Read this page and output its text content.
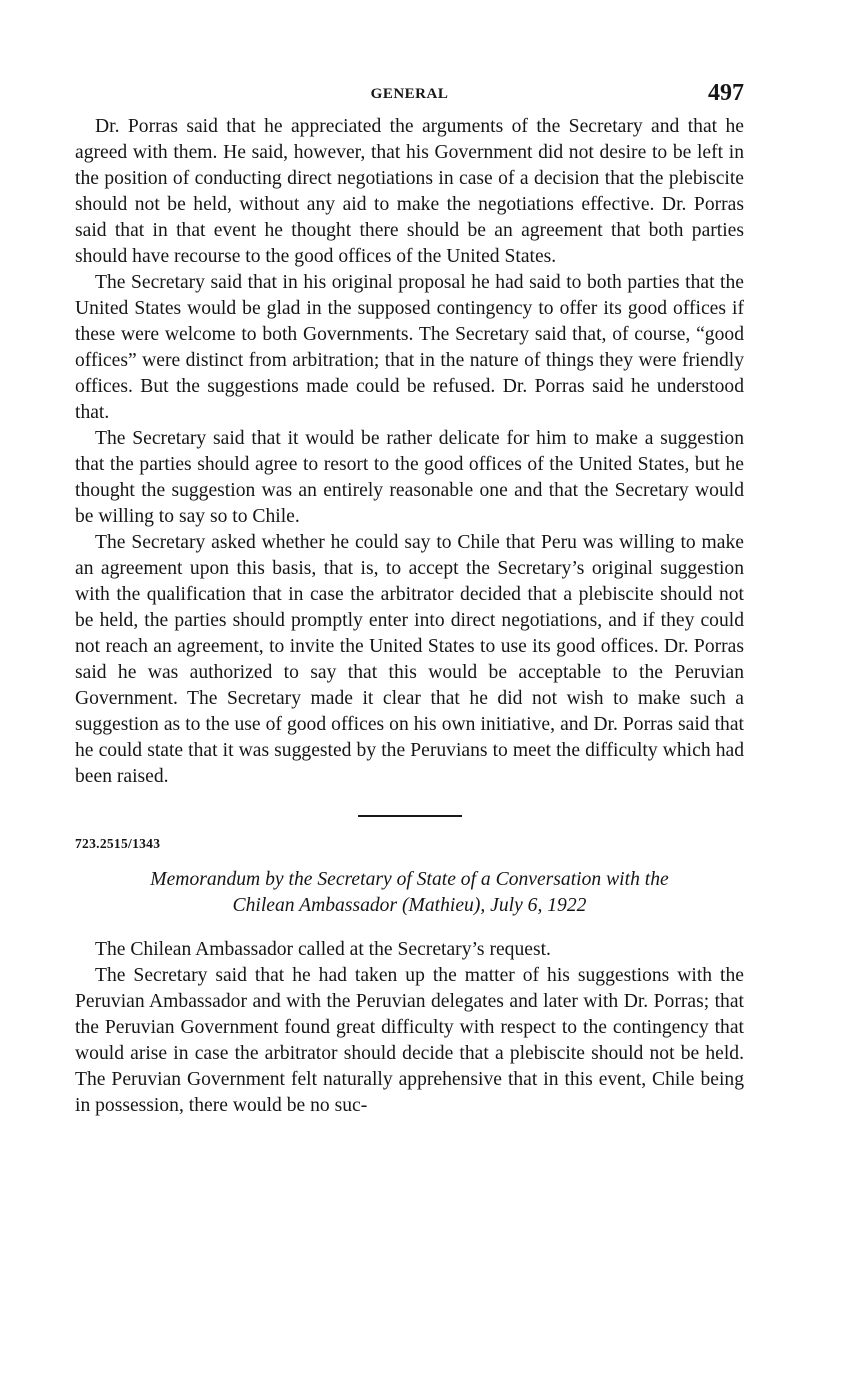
GENERAL	497

Dr. Porras said that he appreciated the arguments of the Secretary and that he agreed with them. He said, however, that his Government did not desire to be left in the position of conducting direct negotiations in case of a decision that the plebiscite should not be held, without any aid to make the negotiations effective. Dr. Porras said that in that event he thought there should be an agreement that both parties should have recourse to the good offices of the United States.

The Secretary said that in his original proposal he had said to both parties that the United States would be glad in the supposed contingency to offer its good offices if these were welcome to both Governments. The Secretary said that, of course, “good offices” were distinct from arbitration; that in the nature of things they were friendly offices. But the suggestions made could be refused. Dr. Porras said he understood that.

The Secretary said that it would be rather delicate for him to make a suggestion that the parties should agree to resort to the good offices of the United States, but he thought the suggestion was an entirely reasonable one and that the Secretary would be willing to say so to Chile.

The Secretary asked whether he could say to Chile that Peru was willing to make an agreement upon this basis, that is, to accept the Secretary’s original suggestion with the qualification that in case the arbitrator decided that a plebiscite should not be held, the parties should promptly enter into direct negotiations, and if they could not reach an agreement, to invite the United States to use its good offices. Dr. Porras said he was authorized to say that this would be acceptable to the Peruvian Government. The Secretary made it clear that he did not wish to make such a suggestion as to the use of good offices on his own initiative, and Dr. Porras said that he could state that it was suggested by the Peruvians to meet the difficulty which had been raised.

723.2515/1343
Memorandum by the Secretary of State of a Conversation with the
Chilean Ambassador (Mathieu), July 6, 1922

The Chilean Ambassador called at the Secretary’s request.

The Secretary said that he had taken up the matter of his suggestions with the Peruvian Ambassador and with the Peruvian delegates and later with Dr. Porras; that the Peruvian Government found great difficulty with respect to the contingency that would arise in case the arbitrator should decide that a plebiscite should not be held. The Peruvian Government felt naturally apprehensive that in this event, Chile being in possession, there would be no suc-
